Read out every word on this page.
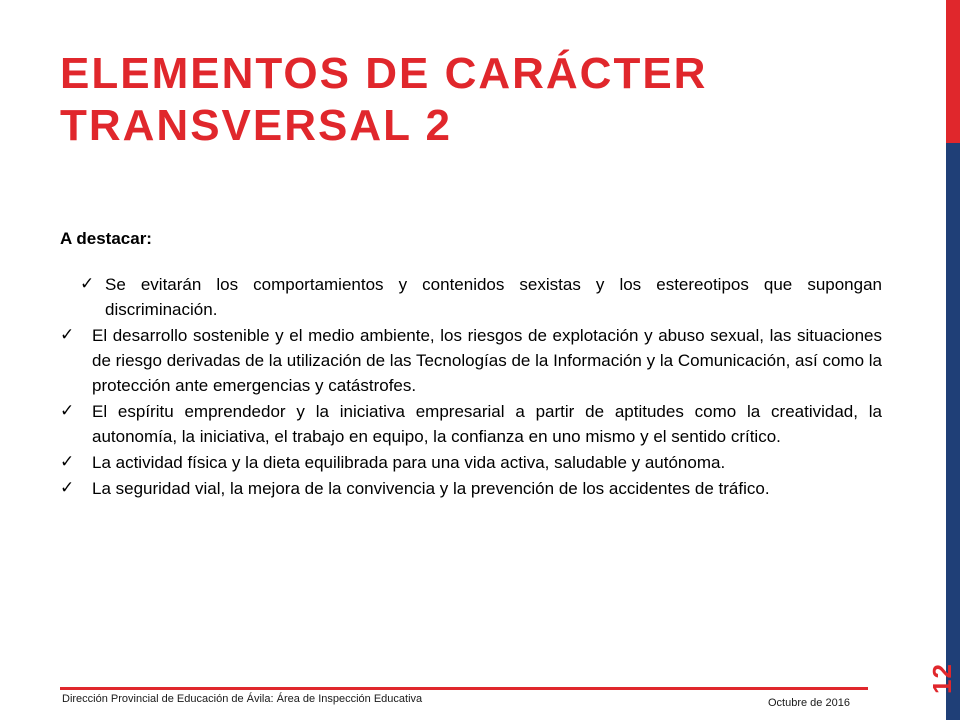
12
ELEMENTOS DE CARÁCTER TRANSVERSAL 2

A destacar:

✓ Se evitarán los comportamientos y contenidos sexistas y los estereotipos que supongan discriminación.
✓ El desarrollo sostenible y el medio ambiente, los riesgos de explotación y abuso sexual, las situaciones de riesgo derivadas de la utilización de las Tecnologías de la Información y la Comunicación, así como la protección ante emergencias y catástrofes.
✓ El espíritu emprendedor y la iniciativa empresarial a partir de aptitudes como la creatividad, la autonomía, la iniciativa, el trabajo en equipo, la confianza en uno mismo y el sentido crítico.
✓ La actividad física y la dieta equilibrada para una vida activa, saludable y autónoma.
✓ La seguridad vial, la mejora de la convivencia y la prevención de los accidentes de tráfico.
Dirección Provincial de Educación de Ávila: Área de Inspección Educativa	Octubre de 2016
